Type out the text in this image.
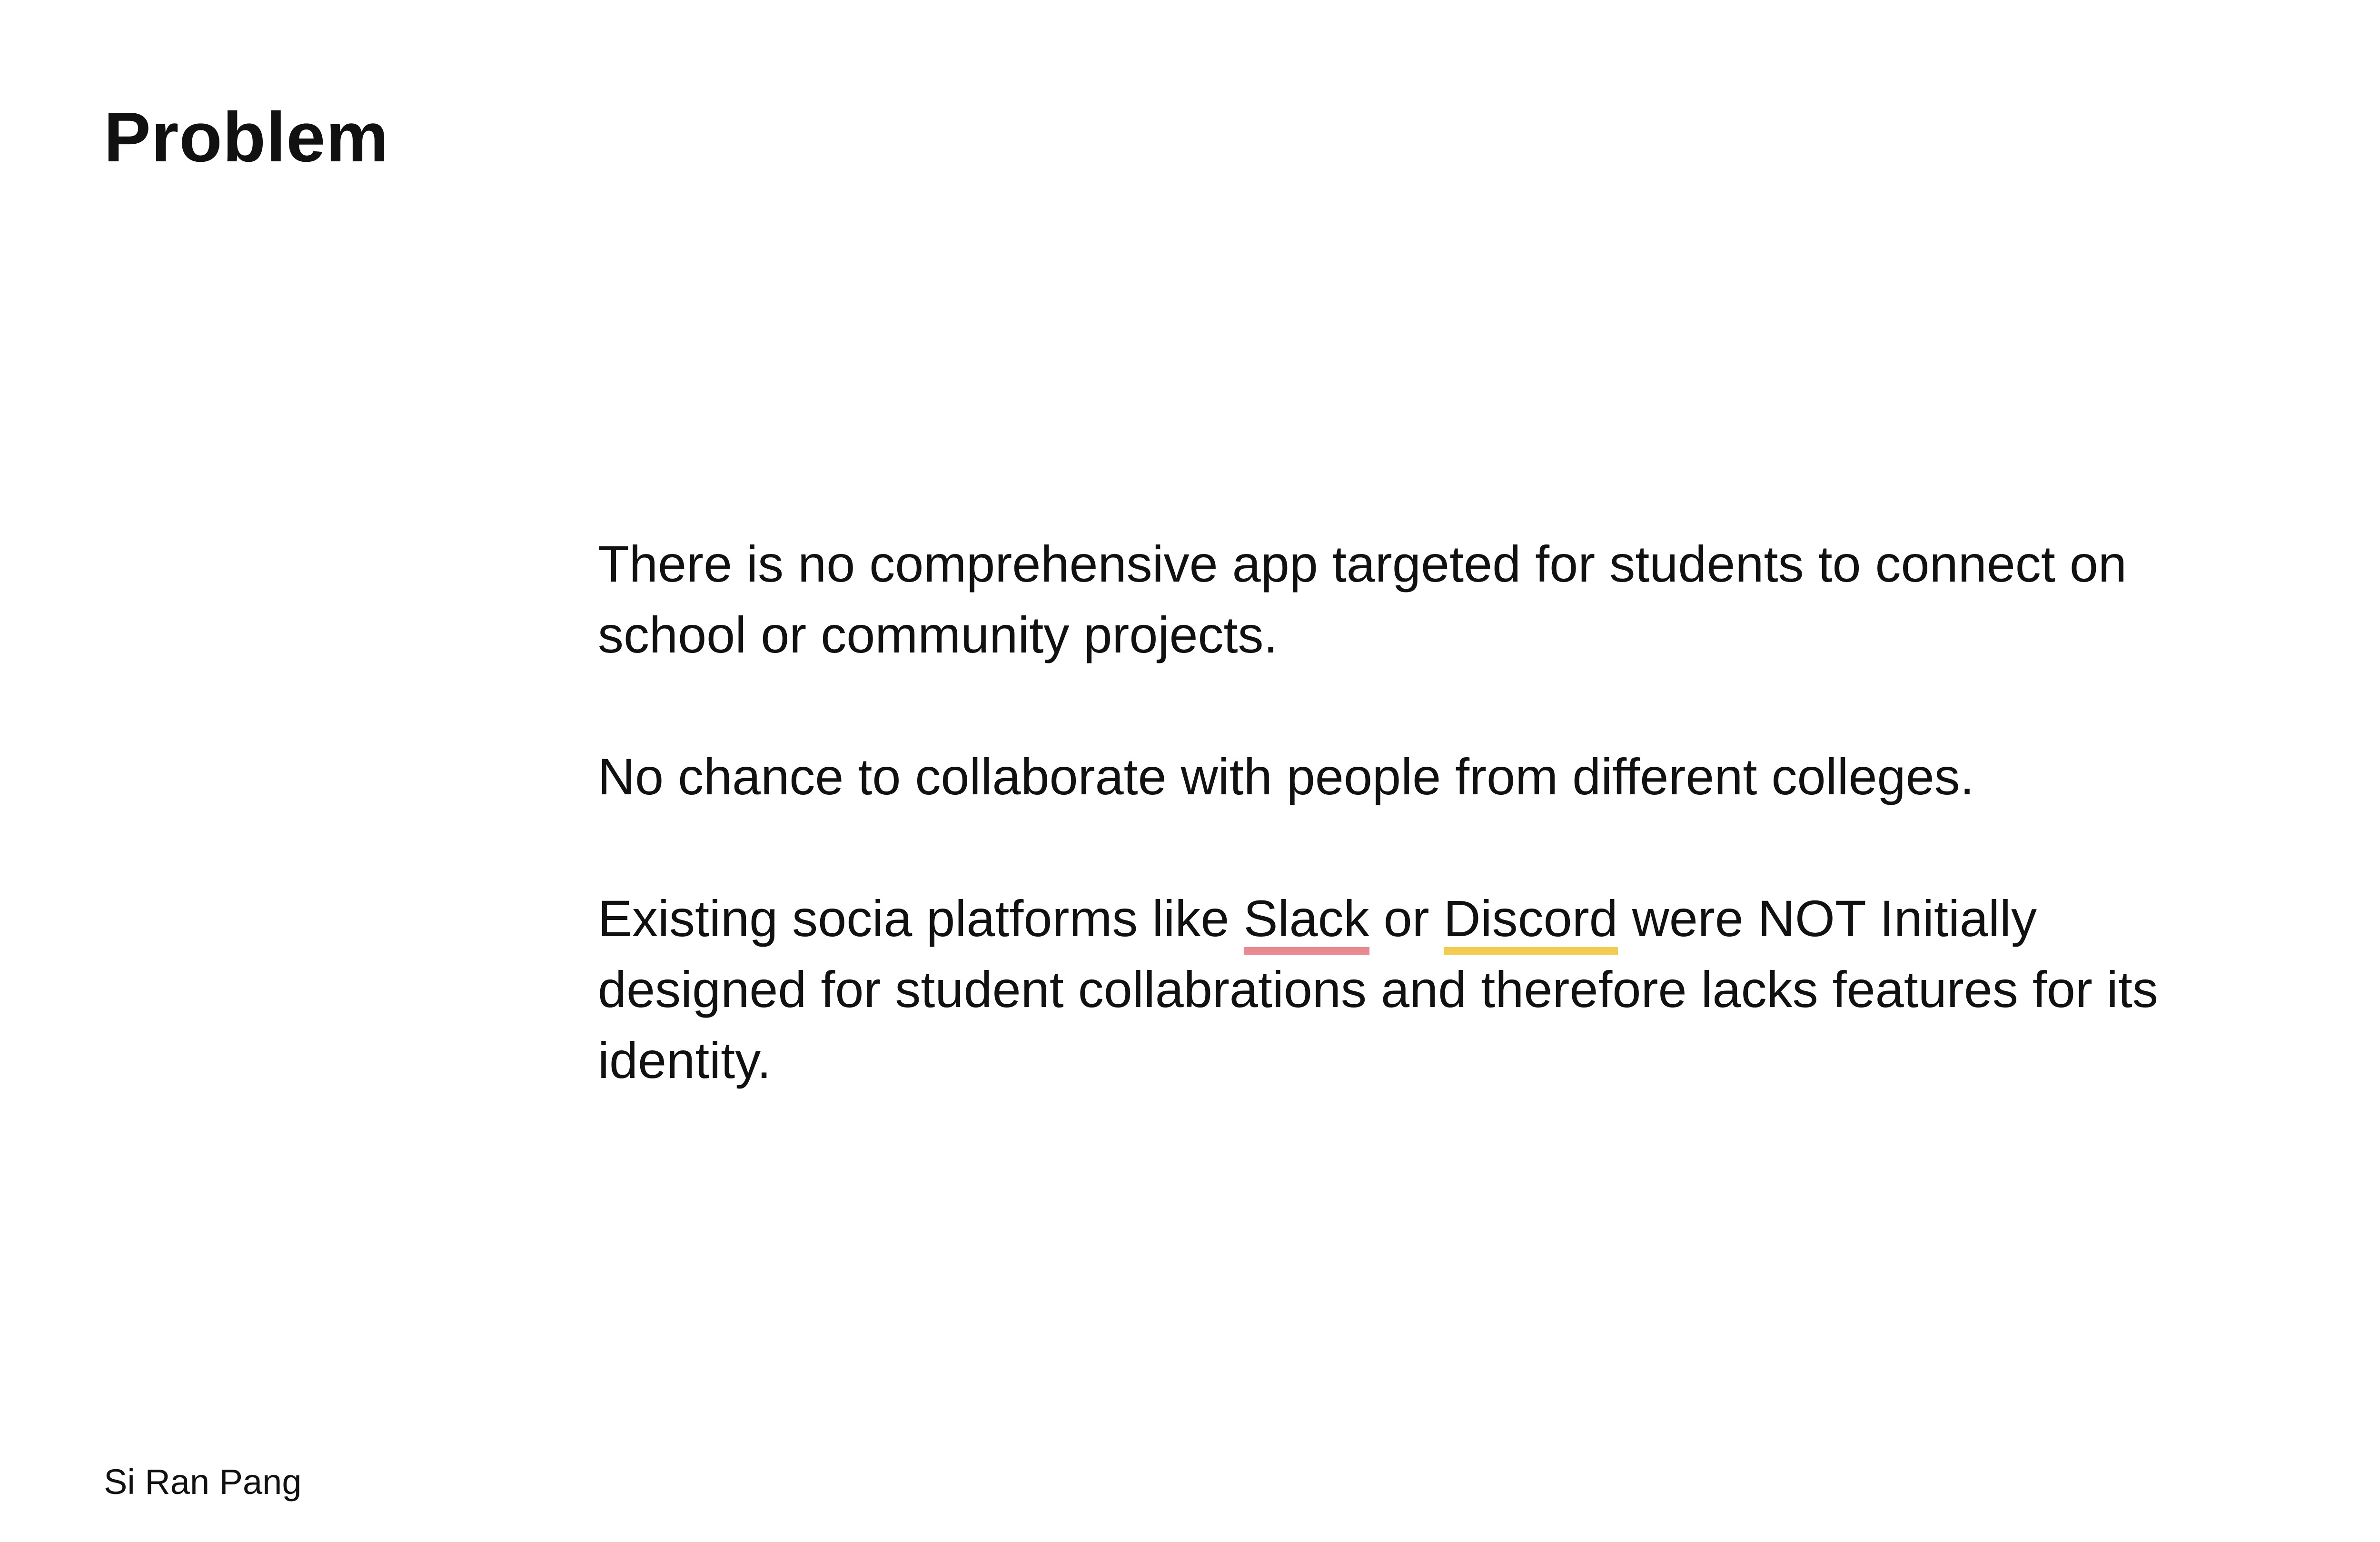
Problem

There is no comprehensive app targeted for students to connect on school or community projects.

No chance to collaborate with people from different colleges.

Existing socia platforms like Slack or Discord were NOT Initially designed for student collabrations and therefore lacks features for its identity.

Si Ran Pang
